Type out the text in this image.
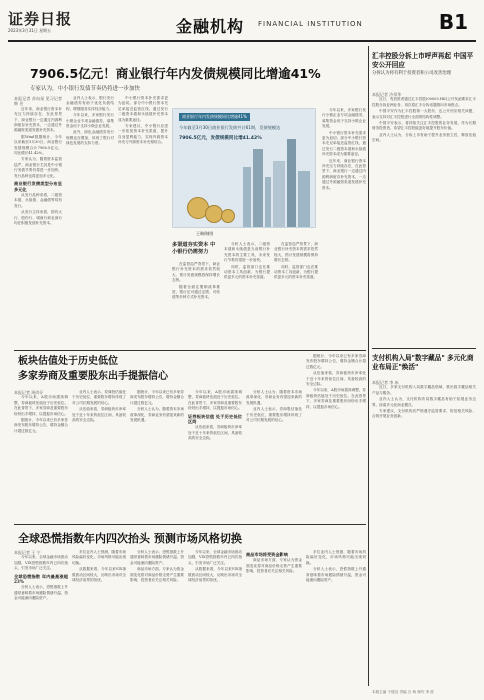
证券日报
2023年3月31日 星期五	金融机构 FINANCIAL INSTITUTION	B1
7906.5亿元！商业银行年内发债规模同比增逾41%
专家认为，中小银行发债节奏仍将进一步加快
本报记者 苏向杲 见习记者 韩 昱

近年来，商业银行资本补充压力持续存在，在此背景下，商业银行一边通过内源利润留存补充资本，一边通过外源融资渠道发债补充资本。

据Wind数据统计，今年以来截至3月30日，商业银行发债规模合计7906.5亿元，同比增长41.42%。

专家认为，随着资本监管趋严，商业银行尤其是中小银行发债节奏仍将进一步加快，发行品种也将更加多元化。

商业银行发债类型分布呈多元化

从发行品种来看，二级资本债、永续债、金融债等均有发行。

从发行主体来看，国有大行、股份行、城商行和农商行均在积极发债补充资本。

业内人士表示，银行发行金融债券有助于优化负债结构，增强服务实体经济能力。

今年以来，多家银行发行小微企业专项金融债券，募集资金用于支持小微企业发展。

此外，绿色金融债券发行规模也在增加，体现了银行对绿色发展的支持力度。

中小银行资本补充需求更为迫切。部分中小银行资本充足率接近监管红线，通过发行二级资本债和永续债补充资本成为重要途径。

专家建议，中小银行应进一步拓宽资本补充渠道，提升自身盈利能力，实现内源资本补充与外源资本补充相结合。

商业银行年内发债规模同比增逾41%
今年截至3月30日商业银行发债共计61期，发债规模达
7906.5亿元，发债规模同比增41.42%
王琳/制图
多渠道夯实资本 中小银行仍需努力

在监管趋严背景下，商业银行补充资本的需求依然较大，预计发债规模将保持增长态势。

随着全面注册制改革推进，银行还可通过定增、可转债等多种方式补充资本。

分析人士表示，二级资本债和永续债是当前银行补充资本的主要工具，未来发行节奏有望进一步加快。

同时，监管部门也在推动资本工具创新，为银行提供更多元的资本补充渠道。

在监管趋严背景下，商业银行补充资本的需求依然较大，预计发债规模将保持增长态势。

同时，监管部门也在推动资本工具创新，为银行提供更多元的资本补充渠道。

今年以来，多家银行发行小微企业专项金融债券，募集资金用于支持小微企业发展。

中小银行资本补充需求更为迫切。部分中小银行资本充足率接近监管红线，通过发行二级资本债和永续债补充资本成为重要途径。

近年来，商业银行资本补充压力持续存在，在此背景下，商业银行一边通过内源利润留存补充资本，一边通过外源融资渠道发债补充资本。

汇丰控股分拆上市呼声再起 中国平安公开回应
分拆认为将有利于投资者和公司改善治理
本报记者 冷翠华

近日，有投资者通过汇丰控股(00005.HK)公开发函要求汇丰控股分拆亚洲业务，再次将汇丰分拆话题推向市场焦点。

中国平安作为汇丰控股第一大股东，也公开回应相关问题，表示支持对汇丰控股进行全面的结构性调整。

中国平安表示，将持续关注汇丰控股的业务发展，作为长期财务投资者，希望汇丰控股能更好地提升股东价值。

业内人士认为，分拆上市有助于提升业务独立性，释放估值空间。

支付机构入局"数字藏品" 多元化商业布局正"焕活"
本报记者 李 冰

近日，多家支付机构入局数字藏品领域，推出数字藏品相关产品与服务。

业内人士认为，支付机构布局数字藏品有助于拓展业务边界，探索多元化商业模式。

专家建议，支付机构应严格遵守监管要求，防范相关风险，合规开展业务创新。

板块估值处于历史低位
多家券商及重要股东出手提振信心
本报记者 周尚仔

今年以来，A股市场震荡调整，券商板块估值处于历史低位。在此背景下，多家券商及重要股东纷纷出手增持，以提振市场信心。

据统计，今年以来已有多家券商发布股东增持公告，增持金额合计超过数亿元。

业内人士表示，券商股估值处于历史低位，重要股东增持体现了对公司长期发展的信心。

从估值来看，券商板块市净率处于近十年来的低位区间，具备较高的安全边际。

据统计，今年以来已有多家券商发布股东增持公告，增持金额合计超过数亿元。

分析人士认为，随着资本市场改革深化，券商业务有望迎来新的发展机遇。

今年以来，A股市场震荡调整，券商板块估值处于历史低位。在此背景下，多家券商及重要股东纷纷出手增持，以提振市场信心。

证券板块估值 处于历史低位区间

从估值来看，券商板块市净率处于近十年来的低位区间，具备较高的安全边际。

分析人士认为，随着资本市场改革深化，券商业务有望迎来新的发展机遇。

业内人士表示，券商股估值处于历史低位，重要股东增持体现了对公司长期发展的信心。

据统计，今年以来已有多家券商发布股东增持公告，增持金额合计超过数亿元。

从估值来看，券商板块市净率处于近十年来的低位区间，具备较高的安全边际。

今年以来，A股市场震荡调整，券商板块估值处于历史低位。在此背景下，多家券商及重要股东纷纷出手增持，以提振市场信心。

全球恐慌指数年内四次抬头 预测市场风格切换
本报记者 王 宁

今年以来，全球金融市场波动加剧，VIX恐慌指数年内已四次抬头，引发市场广泛关注。

全球恐慌指数 年内最高涨超23%

分析人士表示，恐慌指数上升通常意味着市场避险情绪升温，资金可能流向避险资产。

多位业内人士预测，随着市场风险偏好变化，市场风格可能出现切换。

从数据来看，今年以来VIX指数波动区间较大，反映出市场对全球经济前景的担忧。

分析人士表示，恐慌指数上升通常意味着市场避险情绪升温，资金可能流向避险资产。

商品市场方面，专家认为资金面变化将对商品价格走势产生重要影响，投资者应关注相关风险。

今年以来，全球金融市场波动加剧，VIX恐慌指数年内已四次抬头，引发市场广泛关注。

从数据来看，今年以来VIX指数波动区间较大，反映出市场对全球经济前景的担忧。

商品市场将受资金影响

商品市场方面，专家认为资金面变化将对商品价格走势产生重要影响，投资者应关注相关风险。

多位业内人士预测，随着市场风险偏好变化，市场风格可能出现切换。

分析人士表示，恐慌指数上升通常意味着市场避险情绪升温，资金可能流向避险资产。

本版主编 于德良 责编 白 杨 制作 李 波
